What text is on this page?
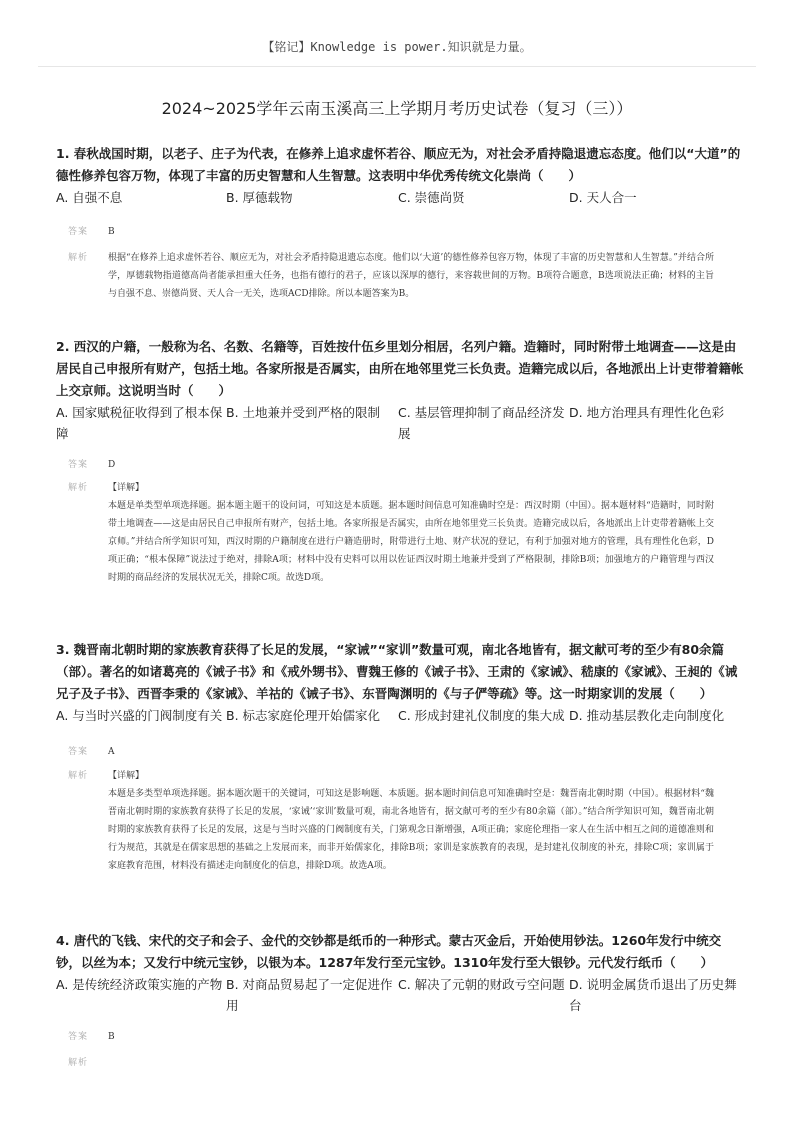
【铭记】Knowledge is power.知识就是力量。
2024~2025学年云南玉溪高三上学期月考历史试卷（复习（三））

1. 春秋战国时期，以老子、庄子为代表，在修养上追求虚怀若谷、顺应无为，对社会矛盾持隐退遗忘态度。他们以“大道”的德性修养包容万物，体现了丰富的历史智慧和人生智慧。这表明中华优秀传统文化崇尚（　　）

A. 自强不息	B. 厚德载物	C. 崇德尚贤	D. 天人合一
答案 B
解析 根据“在修养上追求虚怀若谷、顺应无为，对社会矛盾持隐退遗忘态度。他们以‘大道’的德性修养包容万物，体现了丰富的历史智慧和人生智慧。”并结合所学，厚德载物指道德高尚者能承担重大任务，也指有德行的君子，应该以深厚的德行，来容载世间的万物。B项符合题意，B选项说法正确；材料的主旨与自强不息、崇德尚贤、天人合一无关，选项ACD排除。所以本题答案为B。

2. 西汉的户籍，一般称为名、名数、名籍等，百姓按什伍乡里划分相居，名列户籍。造籍时，同时附带土地调查——这是由居民自己申报所有财产，包括土地。各家所报是否属实，由所在地邻里党三长负责。造籍完成以后，各地派出上计吏带着籍帐上交京师。这说明当时（　　）

A. 国家赋税征收得到了根本保障
B. 土地兼并受到严格的限制	C. 基层管理抑制了商品经济发展
D. 地方治理具有理性化色彩
答案 D
解析 【详解】
本题是单类型单项选择题。据本题主题干的设问词，可知这是本质题。据本题时间信息可知准确时空是：西汉时期（中国）。据本题材料“造籍时，同时附带土地调查——这是由居民自己申报所有财产，包括土地。各家所报是否属实，由所在地邻里党三长负责。造籍完成以后，各地派出上计吏带着籍帐上交京师。”并结合所学知识可知，西汉时期的户籍制度在进行户籍造册时，附带进行土地、财产状况的登记，有利于加强对地方的管理，具有理性化色彩，D项正确；“根本保障”说法过于绝对，排除A项；材料中没有史料可以用以佐证西汉时期土地兼并受到了严格限制，排除B项；加强地方的户籍管理与西汉时期的商品经济的发展状况无关，排除C项。故选D项。

3. 魏晋南北朝时期的家族教育获得了长足的发展，“家诫”“家训”数量可观，南北各地皆有，据文献可考的至少有80余篇（部）。著名的如诸葛亮的《诫子书》和《戒外甥书》、曹魏王修的《诫子书》、王肃的《家诫》、嵇康的《家诫》、王昶的《诫兄子及子书》、西晋李秉的《家诫》、羊祜的《诫子书》、东晋陶渊明的《与子俨等疏》等。这一时期家训的发展（　　）

A. 与当时兴盛的门阀制度有关 B. 标志家庭伦理开始儒家化	C. 形成封建礼仪制度的集大成 D. 推动基层教化走向制度化
答案 A
解析 【详解】
本题是多类型单项选择题。据本题次题干的关键词，可知这是影响题、本质题。据本题时间信息可知准确时空是：魏晋南北朝时期（中国）。根据材料“魏晋南北朝时期的家族教育获得了长足的发展，‘家诫’‘家训’数量可观，南北各地皆有，据文献可考的至少有80余篇（部）。”结合所学知识可知，魏晋南北朝时期的家族教育获得了长足的发展，这是与当时兴盛的门阀制度有关，门第观念日渐增强，A项正确；家庭伦理指一家人在生活中相互之间的道德准则和行为规范，其就是在儒家思想的基础之上发展而来，而非开始儒家化，排除B项；家训是家族教育的表现，是封建礼仪制度的补充，排除C项；家训属于家庭教育范围，材料没有描述走向制度化的信息，排除D项。故选A项。

4. 唐代的飞钱、宋代的交子和会子、金代的交钞都是纸币的一种形式。蒙古灭金后，开始使用钞法。1260年发行中统交钞，以丝为本；又发行中统元宝钞，以银为本。1287年发行至元宝钞。1310年发行至大银钞。元代发行纸币（　　）

A. 是传统经济政策实施的产物 B. 对商品贸易起了一定促进作用
C. 解决了元朝的财政亏空问题 D. 说明金属货币退出了历史舞台
答案 B
解析
